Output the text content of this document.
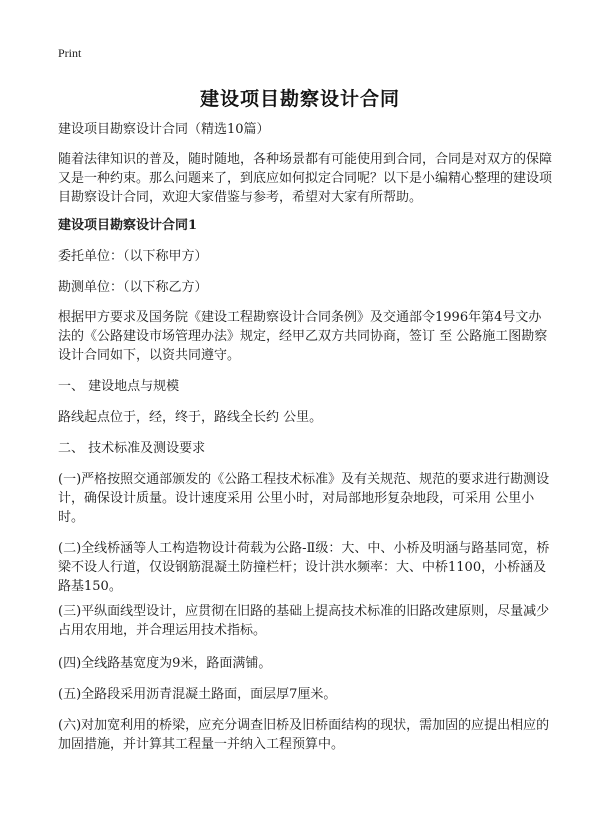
Print
建设项目勘察设计合同
建设项目勘察设计合同（精选10篇）
随着法律知识的普及，随时随地，各种场景都有可能使用到合同，合同是对双方的保障又是一种约束。那么问题来了，到底应如何拟定合同呢？以下是小编精心整理的建设项目勘察设计合同，欢迎大家借鉴与参考，希望对大家有所帮助。
建设项目勘察设计合同1
委托单位：（以下称甲方）
勘测单位：（以下称乙方）
根据甲方要求及国务院《建设工程勘察设计合同条例》及交通部令1996年第4号文办法的《公路建设市场管理办法》规定，经甲乙双方共同协商，签订 至 公路施工图勘察设计合同如下，以资共同遵守。
一、 建设地点与规模
路线起点位于，经，终于，路线全长约 公里。
二、 技术标准及测设要求
(一)严格按照交通部颁发的《公路工程技术标准》及有关规范、规范的要求进行勘测设计，确保设计质量。设计速度采用 公里小时，对局部地形复杂地段，可采用 公里小时。
(二)全线桥涵等人工构造物设计荷载为公路-Ⅱ级：大、中、小桥及明涵与路基同宽，桥梁不设人行道，仅设钢筋混凝土防撞栏杆；设计洪水频率：大、中桥1100，小桥涵及路基150。
(三)平纵面线型设计，应贯彻在旧路的基础上提高技术标准的旧路改建原则，尽量减少占用农用地，并合理运用技术指标。
(四)全线路基宽度为9米，路面满铺。
(五)全路段采用沥青混凝土路面，面层厚7厘米。
(六)对加宽利用的桥梁，应充分调查旧桥及旧桥面结构的现状，需加固的应提出相应的加固措施，并计算其工程量一并纳入工程预算中。
